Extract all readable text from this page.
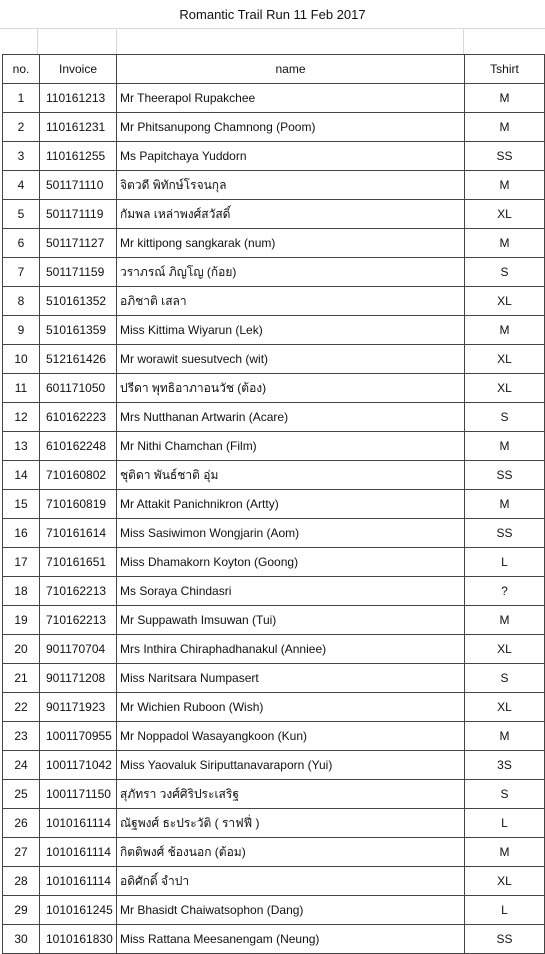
Romantic Trail Run 11 Feb 2017
no.	Invoice	name	Tshirt
1	110161213	Mr Theerapol Rupakchee	M
2	110161231	Mr Phitsanupong Chamnong (Poom)	M
3	110161255	Ms Papitchaya Yuddorn	SS
4	501171110	จิตวดี พิทักษ์โรจนกุล	M
5	501171119	กัมพล เหล่าพงศ์สวัสดิ์	XL
6	501171127	Mr kittipong sangkarak (num)	M
7	501171159	วราภรณ์ ภิญโญ (ก้อย)	S
8	510161352	อภิชาติ เสลา	XL
9	510161359	Miss Kittima Wiyarun (Lek)	M
10	512161426	Mr worawit suesutvech (wit)	XL
11	601171050	ปรีดา พุทธิอาภาอนวัช (ต้อง)	XL
12	610162223	Mrs Nutthanan Artwarin (Acare)	S
13	610162248	Mr Nithi Chamchan (Film)	M
14	710160802	ชุติดา พันธ์ชาติ อุ่ม	SS
15	710160819	Mr Attakit Panichnikron (Artty)	M
16	710161614	Miss Sasiwimon Wongjarin (Aom)	SS
17	710161651	Miss Dhamakorn Koyton (Goong)	L
18	710162213	Ms Soraya Chindasri	?
19	710162213	Mr Suppawath Imsuwan (Tui)	M
20	901170704	Mrs Inthira Chiraphadhanakul (Anniee)	XL
21	901171208	Miss Naritsara Numpasert	S
22	901171923	Mr Wichien Ruboon (Wish)	XL
23	1001170955	Mr Noppadol Wasayangkoon (Kun)	M
24	1001171042	Miss Yaovaluk Siriputtanavaraporn (Yui)	3S
25	1001171150	สุภัทรา วงศ์ศิริประเสริฐ	S
26	1010161114	ณัฐพงศ์ ธะประวัติ ( ราฟฟี่ )	L
27	1010161114	กิตติพงศ์ ช้องนอก (ต้อม)	M
28	1010161114	อดิศักดิ์ จำปา	XL
29	1010161245	Mr Bhasidt Chaiwatsophon (Dang)	L
30	1010161830	Miss Rattana Meesanengam (Neung)	SS
